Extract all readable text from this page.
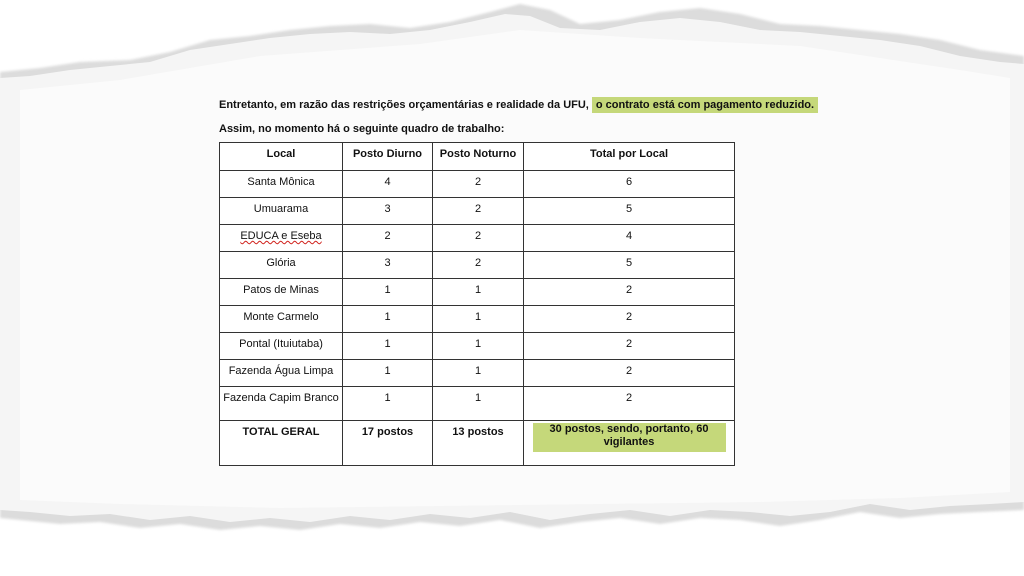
Entretanto, em razão das restrições orçamentárias e realidade da UFU, o contrato está com pagamento reduzido.
Assim, no momento há o seguinte quadro de trabalho:
Local	Posto Diurno	Posto Noturno	Total por Local
Santa Mônica	4	2	6
Umuarama	3	2	5
EDUCA e Eseba	2	2	4
Glória	3	2	5
Patos de Minas	1	1	2
Monte Carmelo	1	1	2
Pontal (Ituiutaba)	1	1	2
Fazenda Água Limpa	1	1	2
Fazenda Capim Branco	1	1	2
TOTAL GERAL	17 postos	13 postos	30 postos, sendo, portanto, 60 vigilantes
